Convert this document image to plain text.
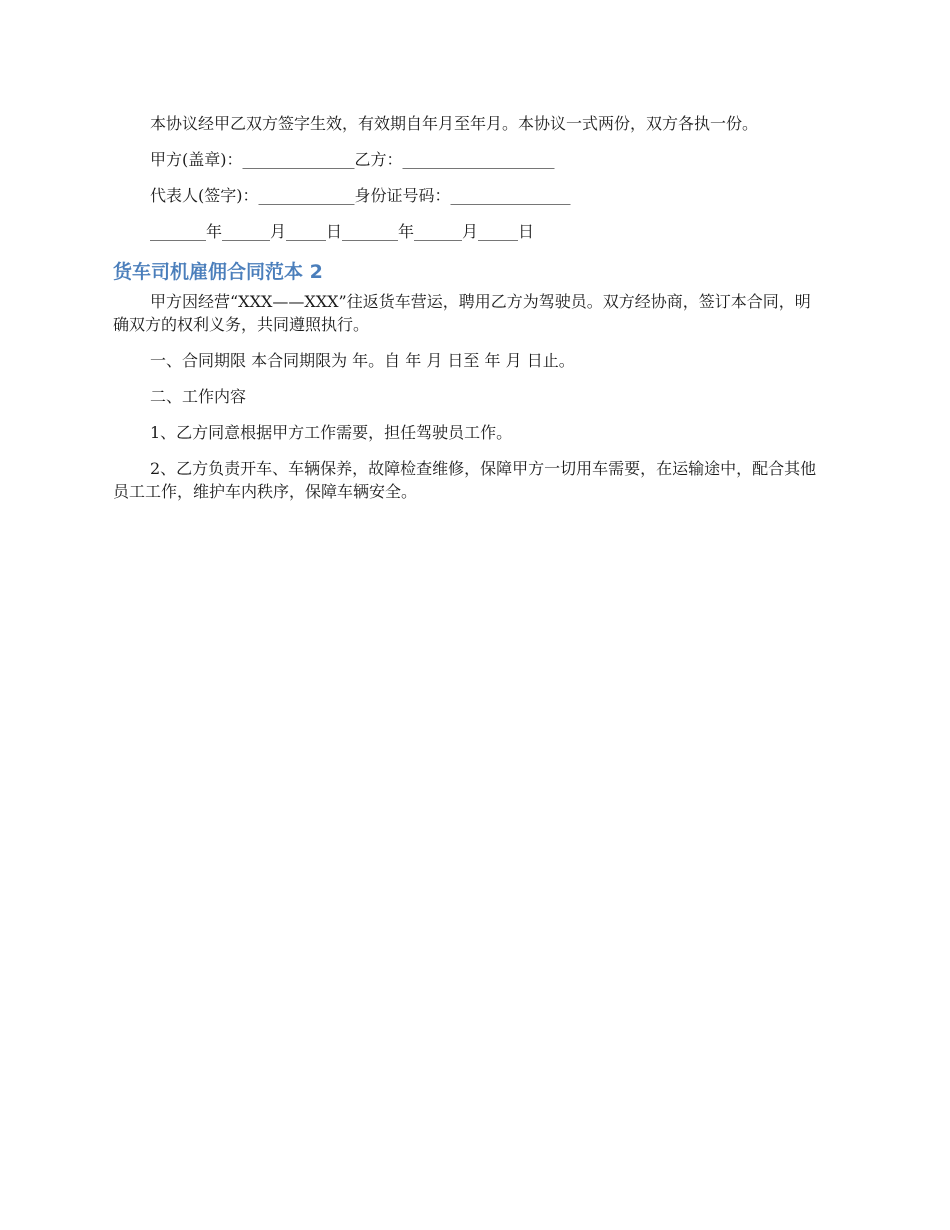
本协议经甲乙双方签字生效，有效期自年月至年月。本协议一式两份，双方各执一份。

甲方(盖章)：______________乙方：___________________

代表人(签字)：____________身份证号码：_______________

_______年______月_____日_______年______月_____日

货车司机雇佣合同范本 2

甲方因经营“XXX——XXX”往返货车营运，聘用乙方为驾驶员。双方经协商，签订本合同，明确双方的权利义务，共同遵照执行。

一、合同期限 本合同期限为 年。自 年 月 日至 年 月 日止。

二、工作内容

1、乙方同意根据甲方工作需要，担任驾驶员工作。

2、乙方负责开车、车辆保养，故障检查维修，保障甲方一切用车需要，在运输途中，配合其他员工工作，维护车内秩序，保障车辆安全。
